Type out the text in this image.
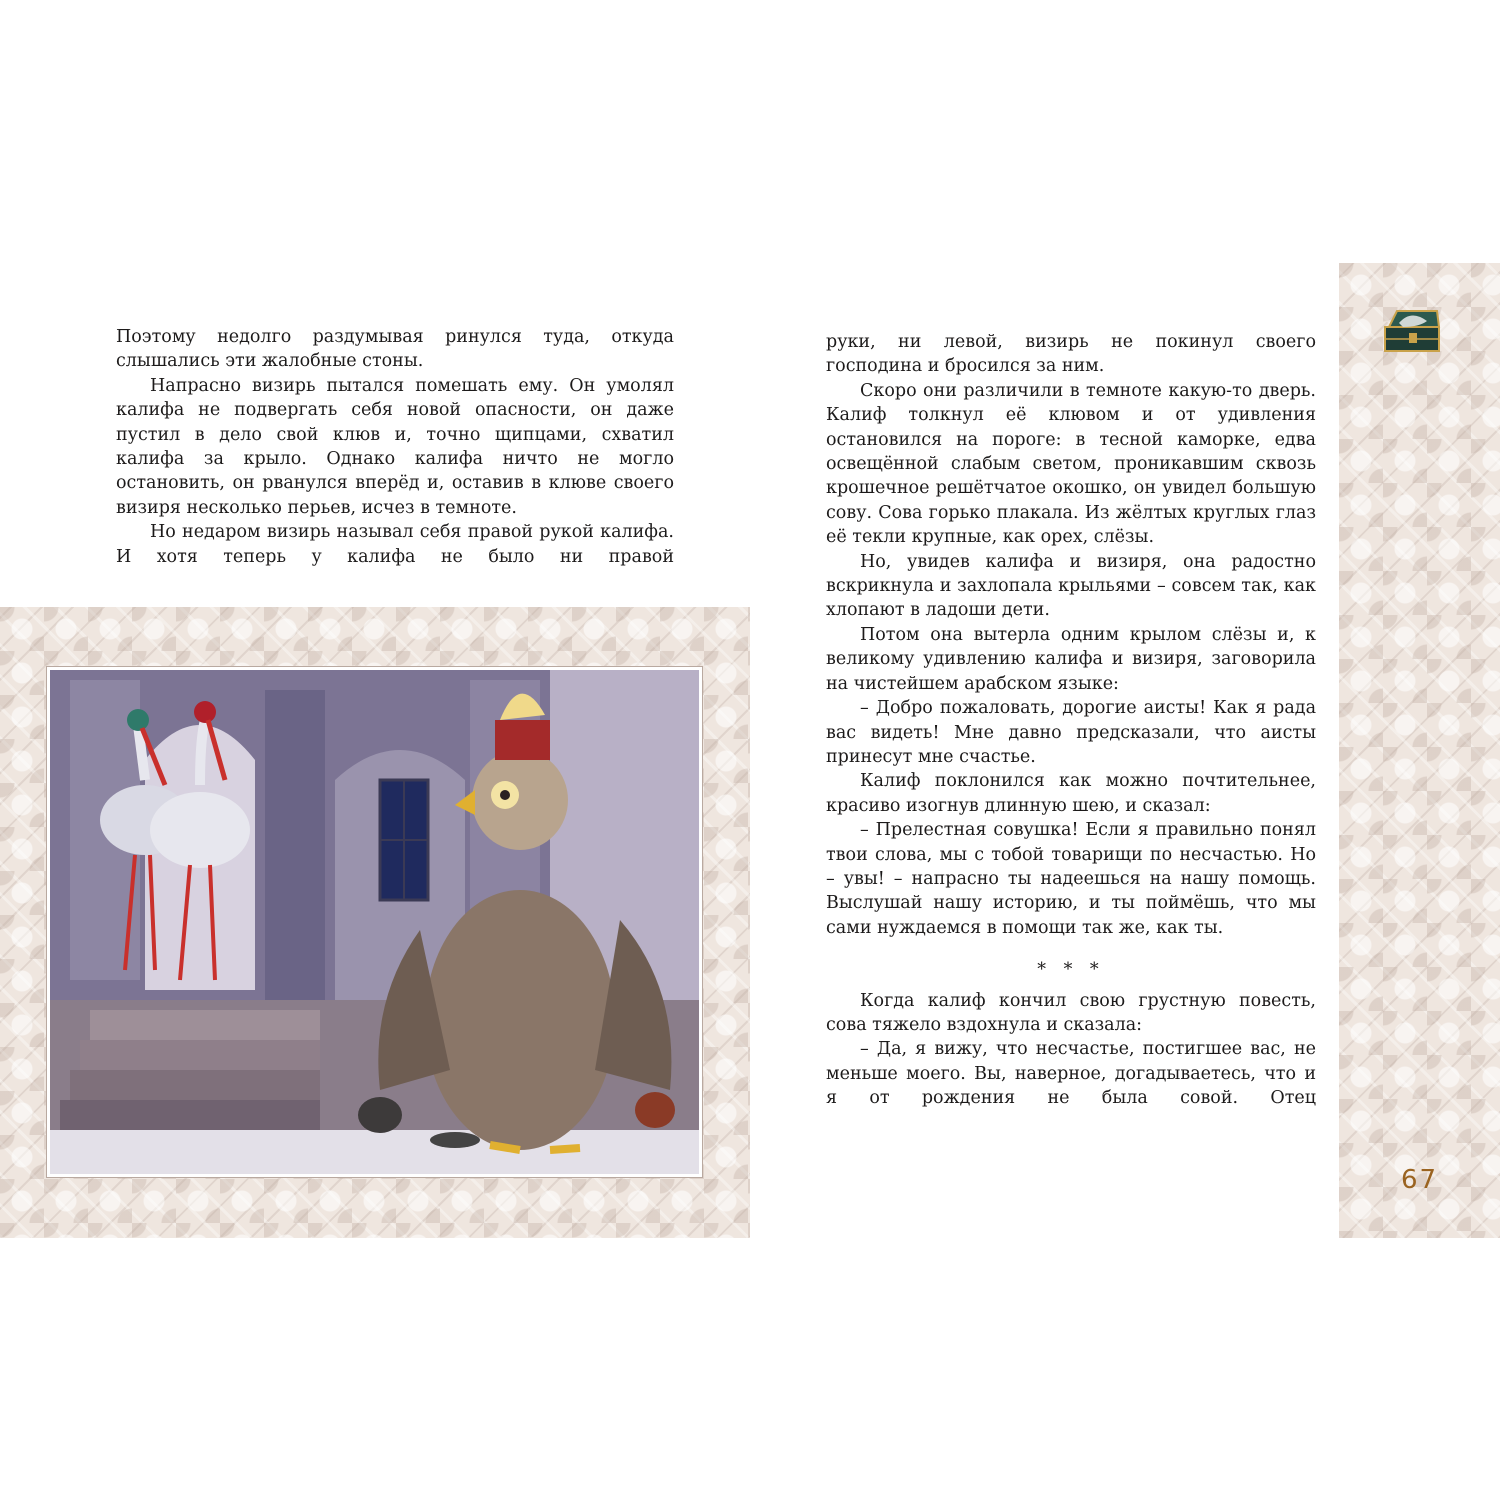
Поэтому недолго раздумывая ринулся туда, откуда слышались эти жалобные стоны.

Напрасно визирь пытался помешать ему. Он умолял калифа не подвергать себя новой опасности, он даже пустил в дело свой клюв и, точно щипцами, схватил калифа за крыло. Однако калифа ничто не могло остановить, он рванулся вперёд и, оставив в клюве своего визиря несколько перьев, исчез в темноте.

Но недаром визирь называл себя правой рукой калифа. И хотя теперь у калифа не было ни правой

руки, ни левой, визирь не покинул своего господина и бросился за ним.

Скоро они различили в темноте какую-то дверь. Калиф толкнул её клювом и от удивления остановился на пороге: в тесной каморке, едва освещённой слабым светом, проникавшим сквозь крошечное решётчатое окошко, он увидел большую сову. Сова горько плакала. Из жёлтых круглых глаз её текли крупные, как орех, слёзы.

Но, увидев калифа и визиря, она радостно вскрикнула и захлопала крыльями – совсем так, как хлопают в ладоши дети.

Потом она вытерла одним крылом слёзы и, к великому удивлению калифа и визиря, заговорила на чистейшем арабском языке:

– Добро пожаловать, дорогие аисты! Как я рада вас видеть! Мне давно предсказали, что аисты принесут мне счастье.

Калиф поклонился как можно почтительнее, красиво изогнув длинную шею, и сказал:

– Прелестная совушка! Если я правильно понял твои слова, мы с тобой товарищи по несчастью. Но – увы! – напрасно ты надеешься на нашу помощь. Выслушай нашу историю, и ты поймёшь, что мы сами нуждаемся в помощи так же, как ты.

* * *

Когда калиф кончил свою грустную повесть, сова тяжело вздохнула и сказала:

– Да, я вижу, что несчастье, постигшее вас, не меньше моего. Вы, наверное, догадываетесь, что и я от рождения не была совой. Отец

67
